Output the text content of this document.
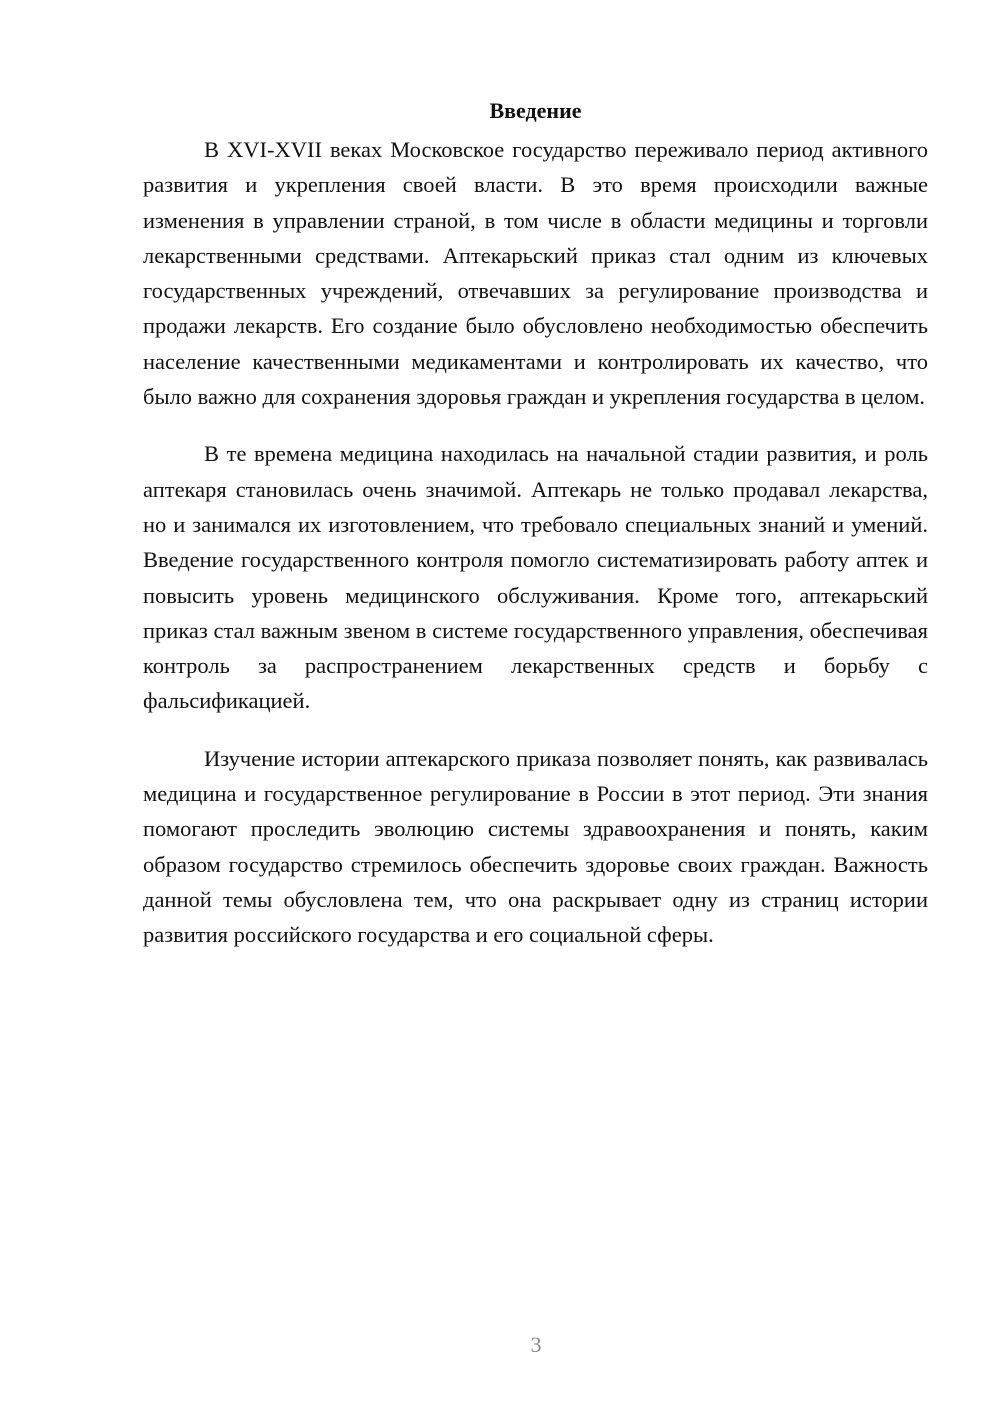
Введение

В XVI-XVII веках Московское государство переживало период активного развития и укрепления своей власти. В это время происходили важные изменения в управлении страной, в том числе в области медицины и торговли лекарственными средствами. Аптекарьский приказ стал одним из ключевых государственных учреждений, отвечавших за регулирование производства и продажи лекарств. Его создание было обусловлено необходимостью обеспечить население качественными медикаментами и контролировать их качество, что было важно для сохранения здоровья граждан и укрепления государства в целом.

В те времена медицина находилась на начальной стадии развития, и роль аптекаря становилась очень значимой. Аптекарь не только продавал лекарства, но и занимался их изготовлением, что требовало специальных знаний и умений. Введение государственного контроля помогло систематизировать работу аптек и повысить уровень медицинского обслуживания. Кроме того, аптекарьский приказ стал важным звеном в системе государственного управления, обеспечивая контроль за распространением лекарственных средств и борьбу с фальсификацией.

Изучение истории аптекарского приказа позволяет понять, как развивалась медицина и государственное регулирование в России в этот период. Эти знания помогают проследить эволюцию системы здравоохранения и понять, каким образом государство стремилось обеспечить здоровье своих граждан. Важность данной темы обусловлена тем, что она раскрывает одну из страниц истории развития российского государства и его социальной сферы.

3
